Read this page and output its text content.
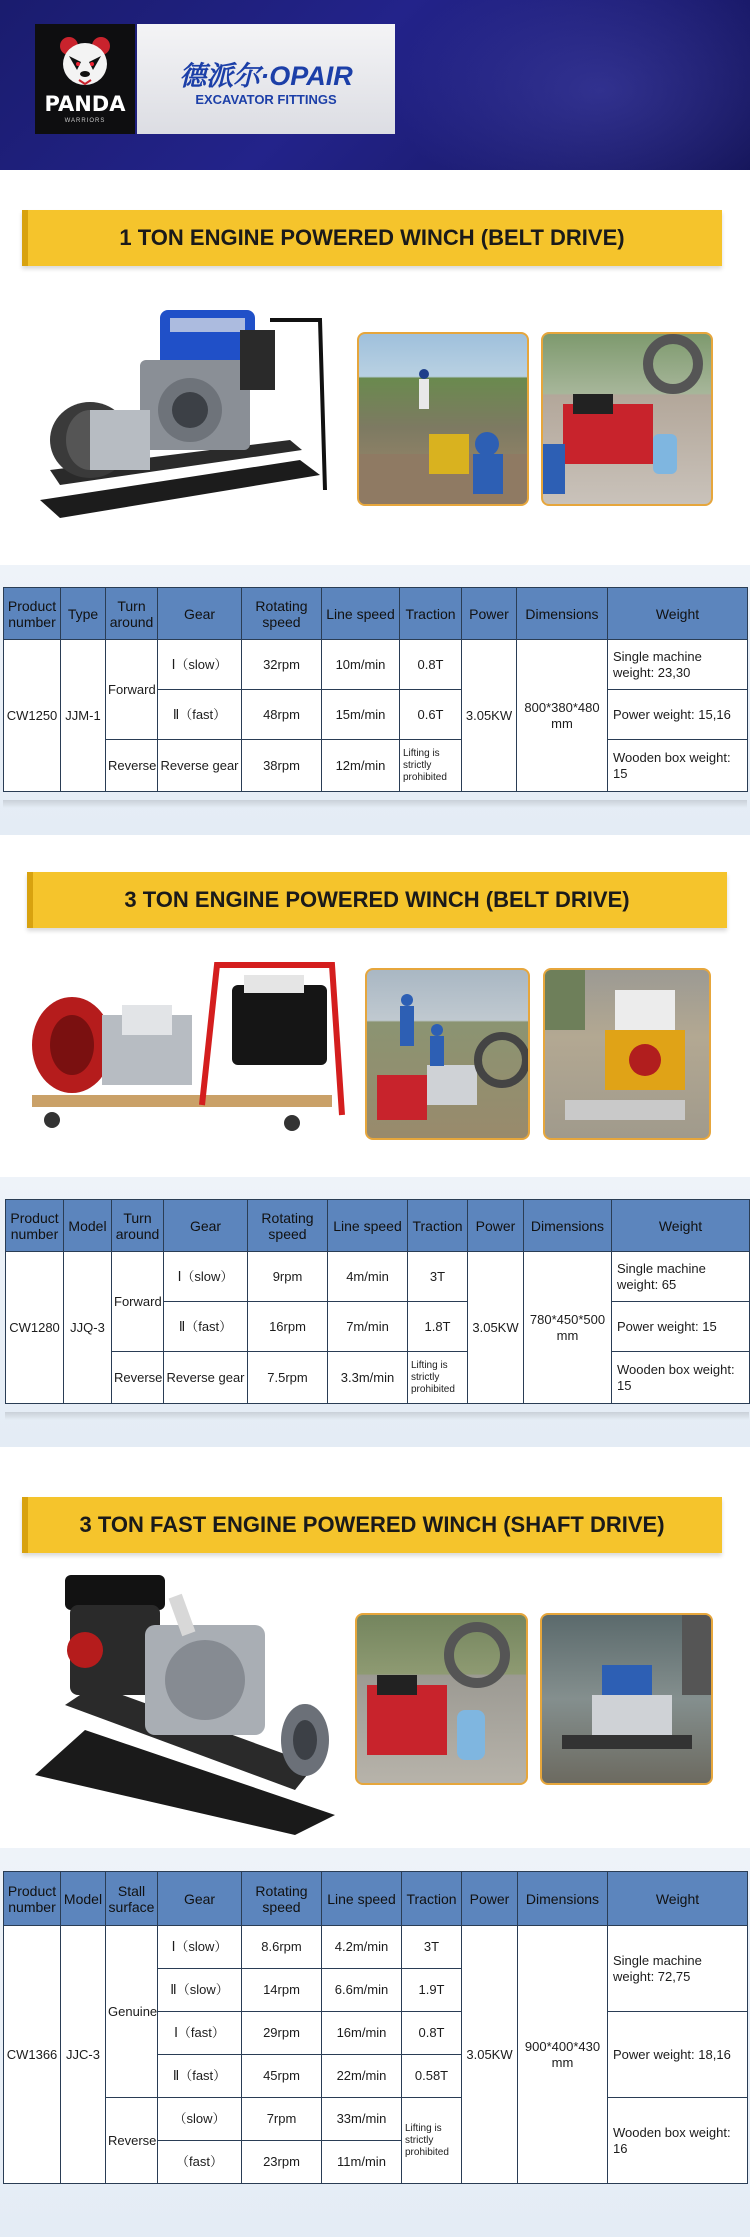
PANDA
WARRIORS
德派尔·OPAIR
EXCAVATOR FITTINGS
1 TON ENGINE POWERED WINCH (BELT DRIVE)
Product number	Type	Turn around	Gear	Rotating speed	Line speed	Traction	Power	Dimensions	Weight
CW1250	JJM-1	Forward	Ⅰ（slow）	32rpm	10m/min	0.8T	3.05KW	800*380*480 mm	Single machine weight: 23,30
			Ⅱ（fast）	48rpm	15m/min	0.6T			Power weight: 15,16
		Reverse	Reverse gear	38rpm	12m/min	Lifting is strictly prohibited			Wooden box weight: 15
3 TON ENGINE POWERED WINCH (BELT DRIVE)
Product number	Model	Turn around	Gear	Rotating speed	Line speed	Traction	Power	Dimensions	Weight
CW1280	JJQ-3	Forward	Ⅰ（slow）	9rpm	4m/min	3T	3.05KW	780*450*500 mm	Single machine weight: 65
			Ⅱ（fast）	16rpm	7m/min	1.8T			Power weight: 15
		Reverse	Reverse gear	7.5rpm	3.3m/min	Lifting is strictly prohibited			Wooden box weight: 15
3 TON FAST ENGINE POWERED WINCH (SHAFT DRIVE)
Product number	Model	Stall surface	Gear	Rotating speed	Line speed	Traction	Power	Dimensions	Weight
CW1366	JJC-3	Genuine	Ⅰ（slow）	8.6rpm	4.2m/min	3T	3.05KW	900*400*430 mm	Single machine weight: 72,75
			Ⅱ（slow）	14rpm	6.6m/min	1.9T			
			Ⅰ（fast）	29rpm	16m/min	0.8T			Power weight: 18,16
			Ⅱ（fast）	45rpm	22m/min	0.58T			
		Reverse	（slow）	7rpm	33m/min	Lifting is strictly prohibited			Wooden box weight: 16
			（fast）	23rpm	11m/min				
